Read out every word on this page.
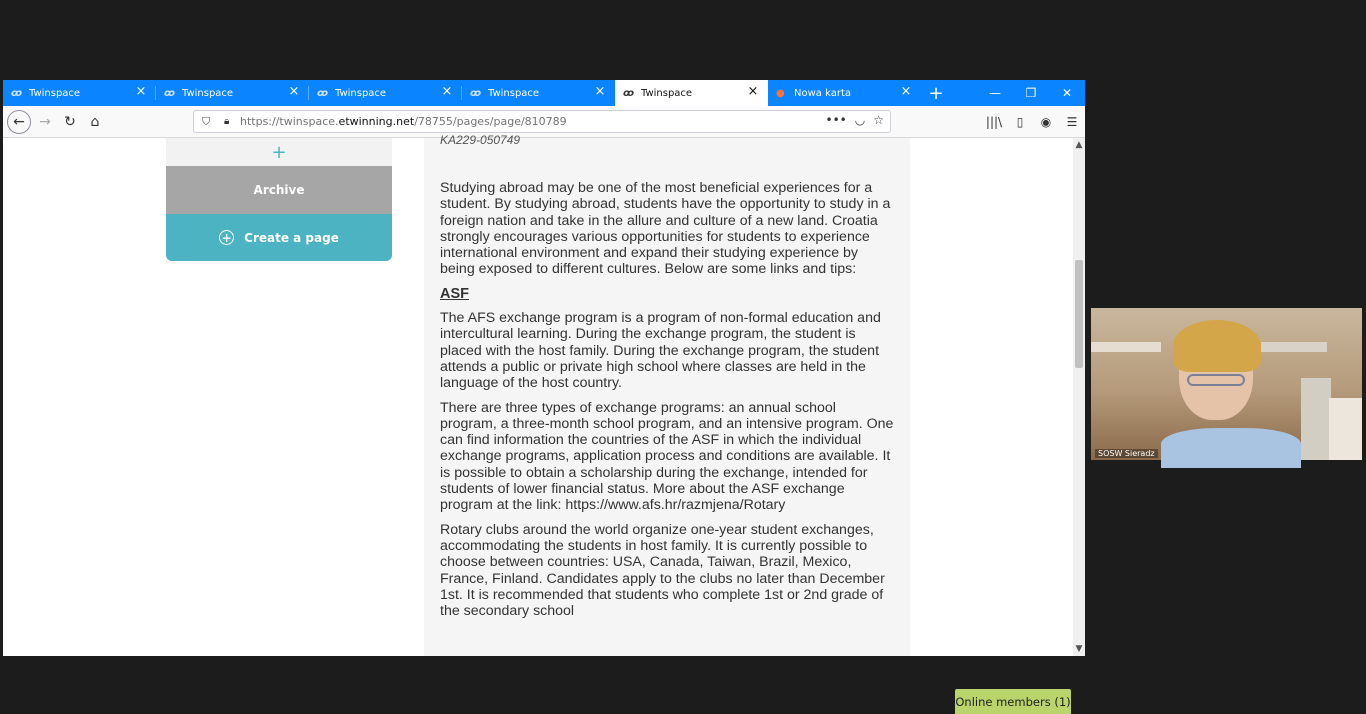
ꝏ Twinspace	× ꝏ Twinspace	× ꝏ Twinspace	× ꝏ Twinspace	× ꝏ Twinspace	× ● Nowa karta	× +	—	❐	✕
←	→ ↻	⌂	⛉	🔒︎ https://twinspace.etwinning.net/78755/pages/page/810789	••• ◡ ☆	|||\	▯	◉	☰
+
Archive
+ Create a page
KA229-050749

Studying abroad may be one of the most beneficial experiences for a student. By studying abroad, students have the opportunity to study in a foreign nation and take in the allure and culture of a new land. Croatia strongly encourages various opportunities for students to experience international environment and expand their studying experience by being exposed to different cultures. Below are some links and tips:

ASF

The AFS exchange program is a program of non-formal education and intercultural learning. During the exchange program, the student is placed with the host family. During the exchange program, the student attends a public or private high school where classes are held in the language of the host country.

There are three types of exchange programs: an annual school program, a three-month school program, and an intensive program. One can find information the countries of the ASF in which the individual exchange programs, application process and conditions are available. It is possible to obtain a scholarship during the exchange, intended for students of lower financial status. More about the ASF exchange program at the link: https://www.afs.hr/razmjena/Rotary

Rotary clubs around the world organize one-year student exchanges, accommodating the students in host family. It is currently possible to choose between countries: USA, Canada, Taiwan, Brazil, Mexico, France, Finland. Candidates apply to the clubs no later than December 1st. It is recommended that students who complete 1st or 2nd grade of the secondary school

Online members (1)
▲
▼
SOSW Sieradz
